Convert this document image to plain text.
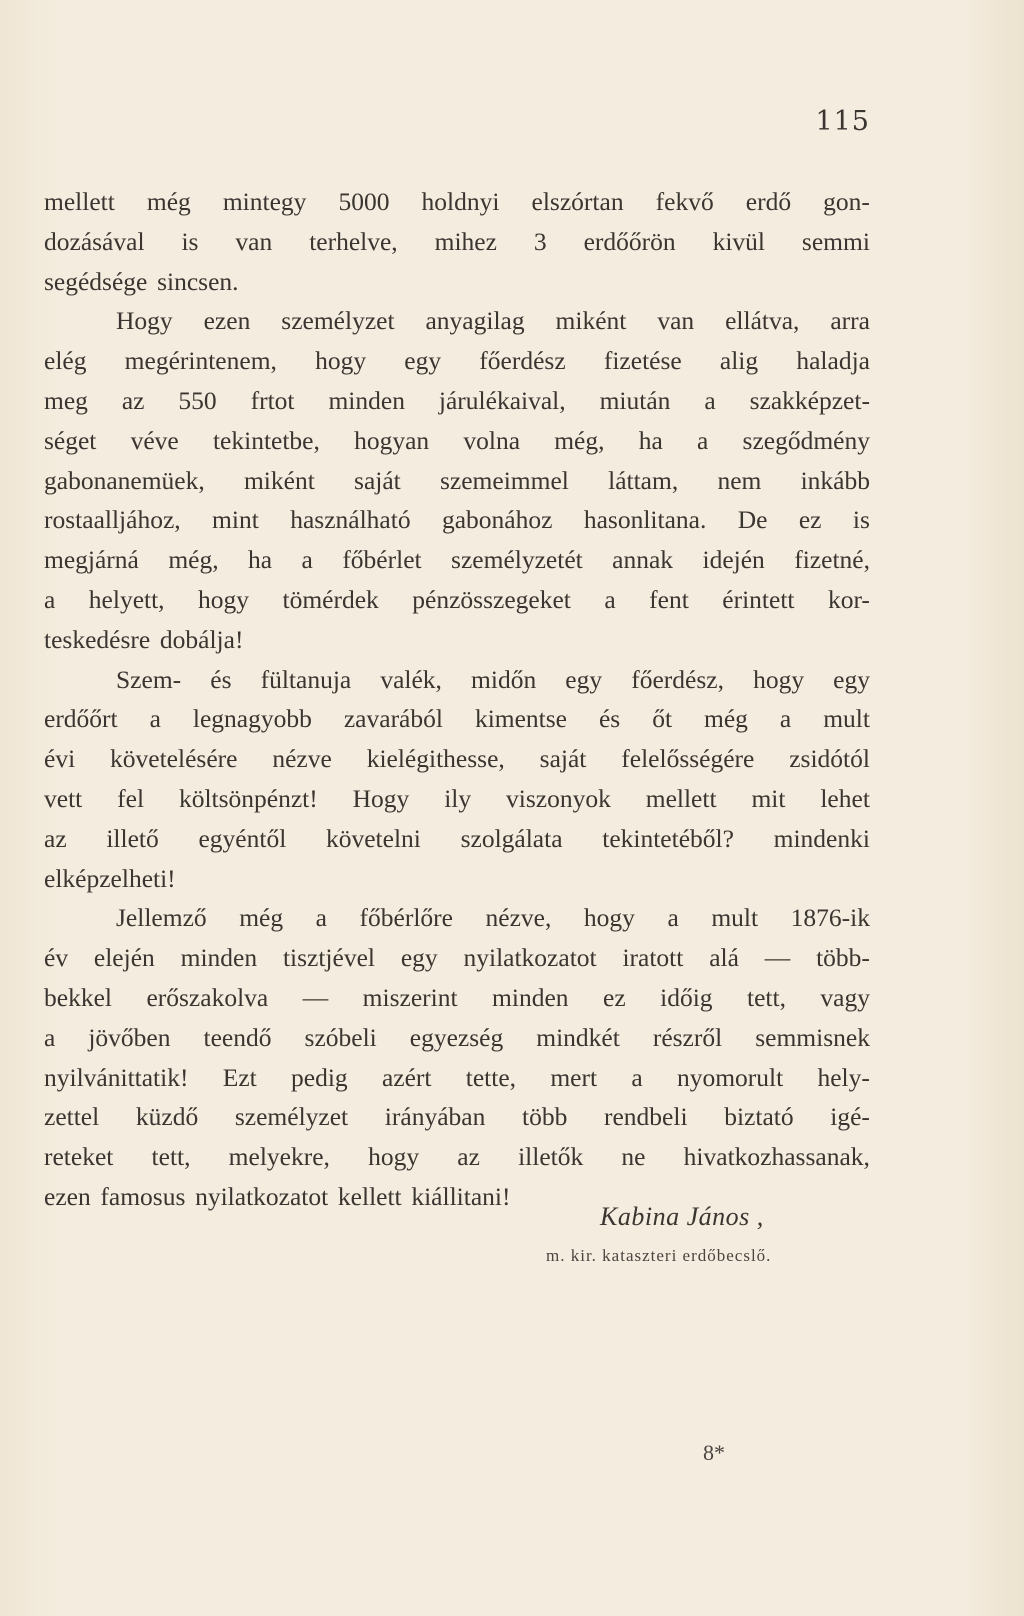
115
mellett még mintegy 5000 holdnyi elszórtan fekvő erdő gon-
dozásával is van terhelve, mihez 3 erdőőrön kivül semmi
segédsége sincsen.
Hogy ezen személyzet anyagilag miként van ellátva, arra
elég megérintenem, hogy egy főerdész fizetése alig haladja
meg az 550 frtot minden járulékaival, miután a szakképzet-
séget véve tekintetbe, hogyan volna még, ha a szegődmény
gabonanemüek, miként saját szemeimmel láttam, nem inkább
rostaalljához, mint használható gabonához hasonlitana. De ez is
megjárná még, ha a főbérlet személyzetét annak idején fizetné,
a helyett, hogy tömérdek pénzösszegeket a fent érintett kor-
teskedésre dobálja!
Szem- és fültanuja valék, midőn egy főerdész, hogy egy
erdőőrt a legnagyobb zavarából kimentse és őt még a mult
évi követelésére nézve kielégithesse, saját felelősségére zsidótól
vett fel költsönpénzt! Hogy ily viszonyok mellett mit lehet
az illető egyéntől követelni szolgálata tekintetéből? mindenki
elképzelheti!
Jellemző még a főbérlőre nézve, hogy a mult 1876-ik
év elején minden tisztjével egy nyilatkozatot iratott alá — több-
bekkel erőszakolva — miszerint minden ez időig tett, vagy
a jövőben teendő szóbeli egyezség mindkét részről semmisnek
nyilvánittatik! Ezt pedig azért tette, mert a nyomorult hely-
zettel küzdő személyzet irányában több rendbeli biztató igé-
reteket tett, melyekre, hogy az illetők ne hivatkozhassanak,
ezen famosus nyilatkozatot kellett kiállitani!
Kabina János ,
m. kir. kataszteri erdőbecslő.
8*
